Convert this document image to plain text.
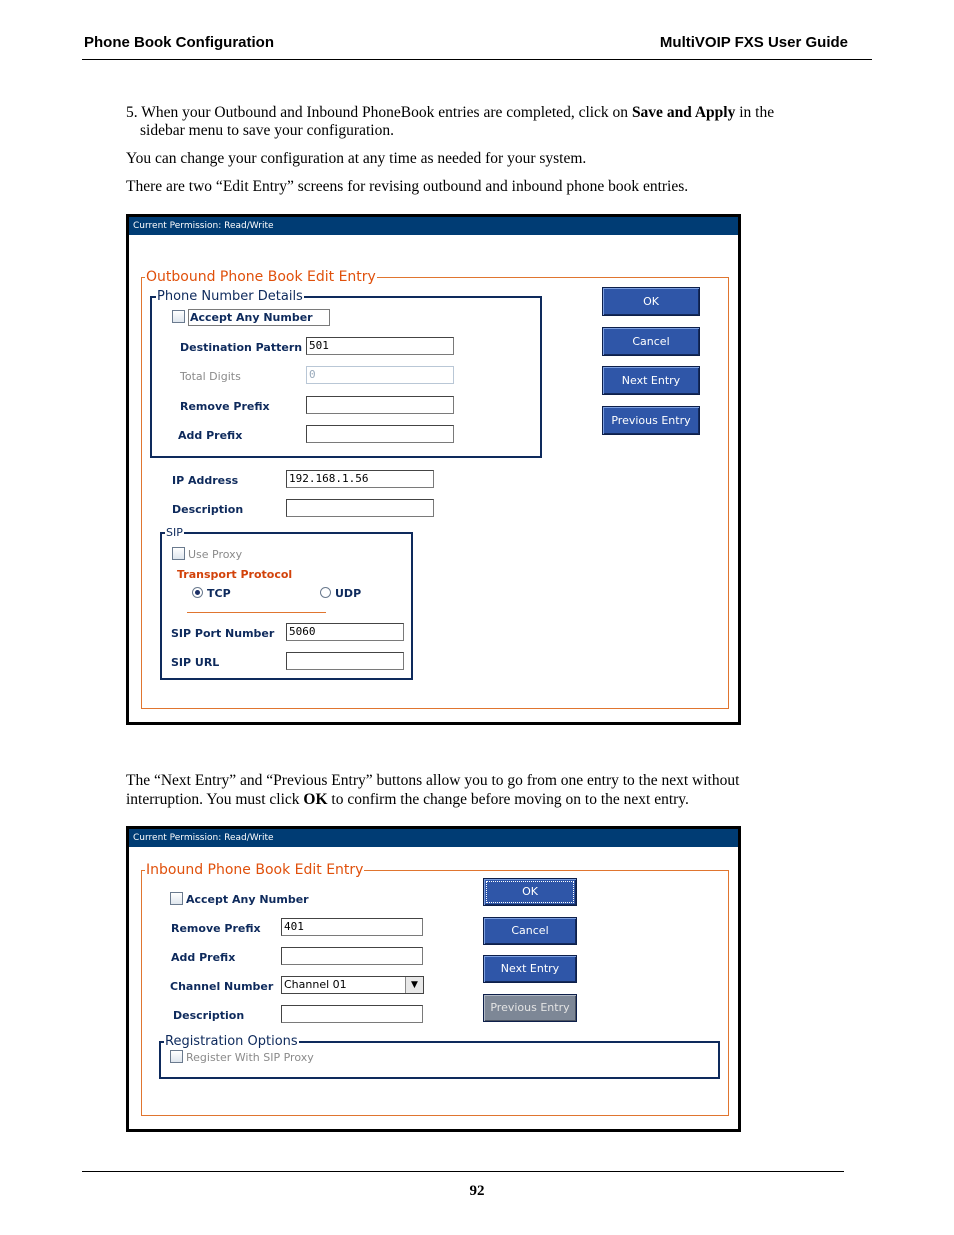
Phone Book Configuration	MultiVOIP FXS User Guide
5. When your Outbound and Inbound PhoneBook entries are completed, click on Save and Apply in the
sidebar menu to save your configuration.
You can change your configuration at any time as needed for your system.
There are two “Edit Entry” screens for revising outbound and inbound phone book entries.
Current Permission: Read/Write
Outbound Phone Book Edit Entry
Phone Number Details
Accept Any Number
Destination Pattern 501
Total Digits	0
Remove Prefix
Add Prefix
IP Address	192.168.1.56
Description
SIP
Use Proxy
Transport Protocol
TCP	UDP
SIP Port Number 5060
SIP URL
OK
Cancel
Next Entry
Previous Entry
The “Next Entry” and “Previous Entry” buttons allow you to go from one entry to the next without
interruption. You must click OK to confirm the change before moving on to the next entry.
Current Permission: Read/Write
Inbound Phone Book Edit Entry
Accept Any Number
Remove Prefix 401
Add Prefix
Channel Number Channel 01	▼
Description
Registration Options
Register With SIP Proxy
OK
Cancel
Next Entry
Previous Entry
92
